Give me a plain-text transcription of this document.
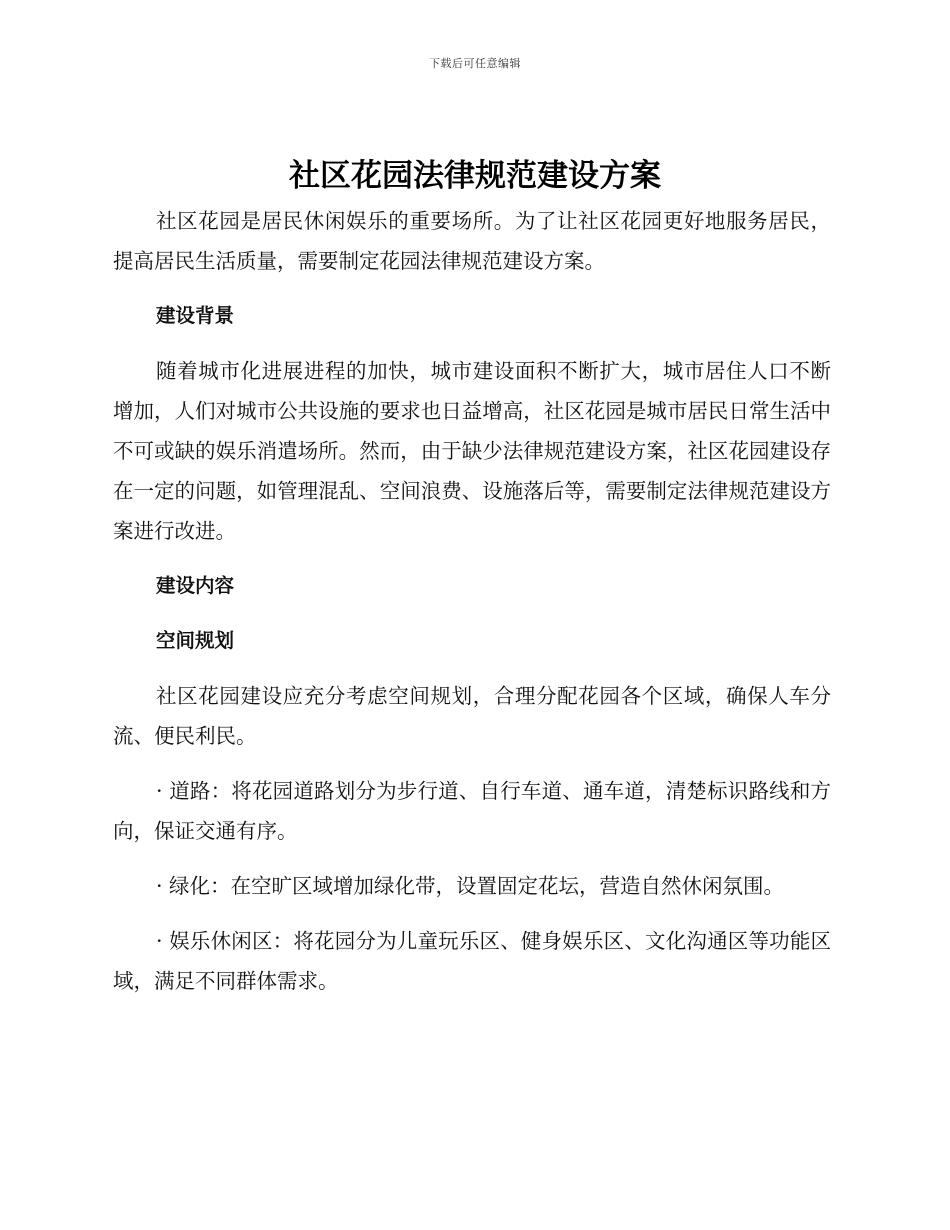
下载后可任意编辑
社区花园法律规范建设方案

社区花园是居民休闲娱乐的重要场所。为了让社区花园更好地服务居民，提高居民生活质量，需要制定花园法律规范建设方案。

建设背景

随着城市化进展进程的加快，城市建设面积不断扩大，城市居住人口不断增加，人们对城市公共设施的要求也日益增高，社区花园是城市居民日常生活中不可或缺的娱乐消遣场所。然而，由于缺少法律规范建设方案，社区花园建设存在一定的问题，如管理混乱、空间浪费、设施落后等，需要制定法律规范建设方案进行改进。

建设内容

空间规划

社区花园建设应充分考虑空间规划，合理分配花园各个区域，确保人车分流、便民利民。

· 道路：将花园道路划分为步行道、自行车道、通车道，清楚标识路线和方向，保证交通有序。

· 绿化：在空旷区域增加绿化带，设置固定花坛，营造自然休闲氛围。

· 娱乐休闲区：将花园分为儿童玩乐区、健身娱乐区、文化沟通区等功能区域，满足不同群体需求。
